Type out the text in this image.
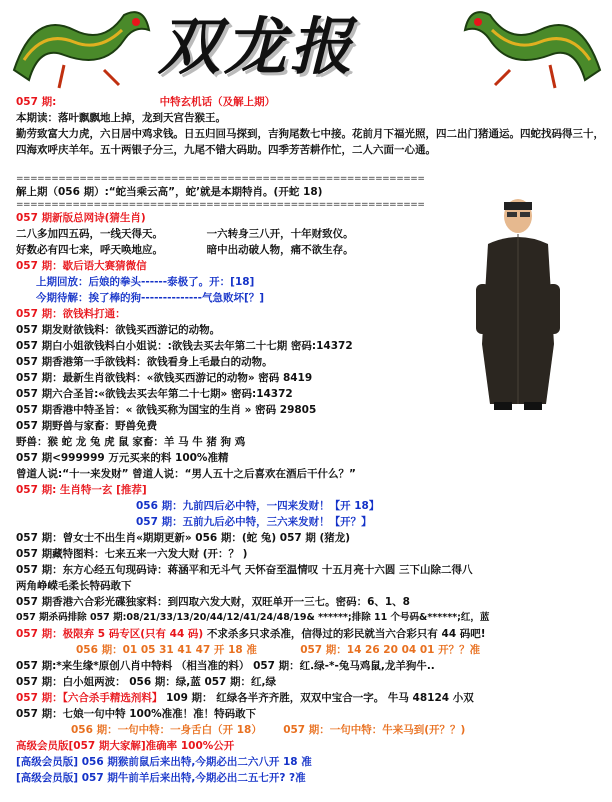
双龙报
057 期:	中特玄机话（及解上期）
本期读：落叶飘飘地上掉，龙到天宫告猴王。
勤劳致富大力虎，六日居中鸡求钱。日五归回马探到，吉狗尾数七中接。花前月下福光照，四二出门猪通运。四蛇找码得三十，四海欢呼庆羊年。五十两银子分三，九尾不错大码助。四季芳苦耕作忙，二人六面一心通。
==========================================================
解上期（056 期）:“蛇当乘云高”，蛇’就是本期特肖。(开蛇 18)
==========================================================
057 期新版总网诗(猜生肖)
二八多加四五码，一线天得天。	一六转身三八开，十年财致仪。
好数必有四七来，呼天唤地应。	暗中出动破人物，痛不欲生存。
057 期：歇后语大赛猜微信
上期回放：后娘的拳头------泰极了。开：[18]
今期待解：挨了棒的狗--------------气急败坏[？]
057 期：欲钱料打通：
057 期发财欲钱料：欲钱买西游记的动物。
057 期白小姐欲钱料白小姐说：:欲钱去买去年第二十七期 密码:14372
057 期香港第一手欲钱料：欲钱看身上毛最白的动物。
057 期：最新生肖欲钱料：«欲钱买西游记的动物» 密码 8419
057 期六合圣旨:«欲钱去买去年第二十七期» 密码:14372
057 期香港中特圣旨：« 欲钱买称为国宝的生肖 » 密码 29805
057 期野兽与家畜：野兽免费
野兽：猴 蛇 龙 兔 虎 鼠 家畜：羊 马 牛 猪 狗 鸡
057 期<999999 万元买来的料 100%准精
曾道人说:“十一来发财” 曾道人说：“男人五十之后喜欢在酒后干什么？”
057 期: 生肖特一玄 [推荐]
056 期：九前四后必中特，一四来发财！【开 18】
057 期：五前九后必中特，三六来发财！【开？】
057 期：曾女士不出生肖«期期更新» 056 期：(蛇 兔) 057 期 (猪龙)
057 期藏特图料：七来五来一六发大财 (开：？ )
057 期：东方心经五句现码诗：蒋涵平和无斗气 天怀奋至温情叹 十五月亮十六圆 三下山除二得八
两角峥嵘毛柔长特码敢下
057 期香港六合彩光碟独家料：到四取六发大财，双旺单开一三七。密码：6、1、8
057 期杀码排除 057 期:08/21/33/13/20/44/12/41/24/48/19& ******;排除 11 个号码&******;红，蓝
057 期：极限弃 5 码专区(只有 44 码) 不求杀多只求杀准，信得过的彩民就当六合彩只有 44 码吧!
056 期：01 05 31 41 47 开 18 准	057 期：14 26 20 04 01 开？？准
057 期:*来生缘*原创八肖中特料 （相当准的料） 057 期：红.绿-*-兔马鸡鼠,龙羊狗牛..
057 期：白小姐两波： 056 期：绿,蓝 057 期：红,绿
057 期：【六合杀手精选剂料】 109 期： 红绿各半齐齐胜，双双中宝合一字。 牛马 48124 小双
057 期：七娘一句中特 100%准准！准！特码敢下
056 期：一句中特：一身舌白（开 18） 057 期：一句中特：牛来马到(开？？)
高级会员版[057 期大家解]准确率 100%公开
[高级会员版] 056 期猴前鼠后来出特,今期必出二六八开 18 准
[高级会员版] 057 期牛前羊后来出特,今期必出二五七开? ?准
